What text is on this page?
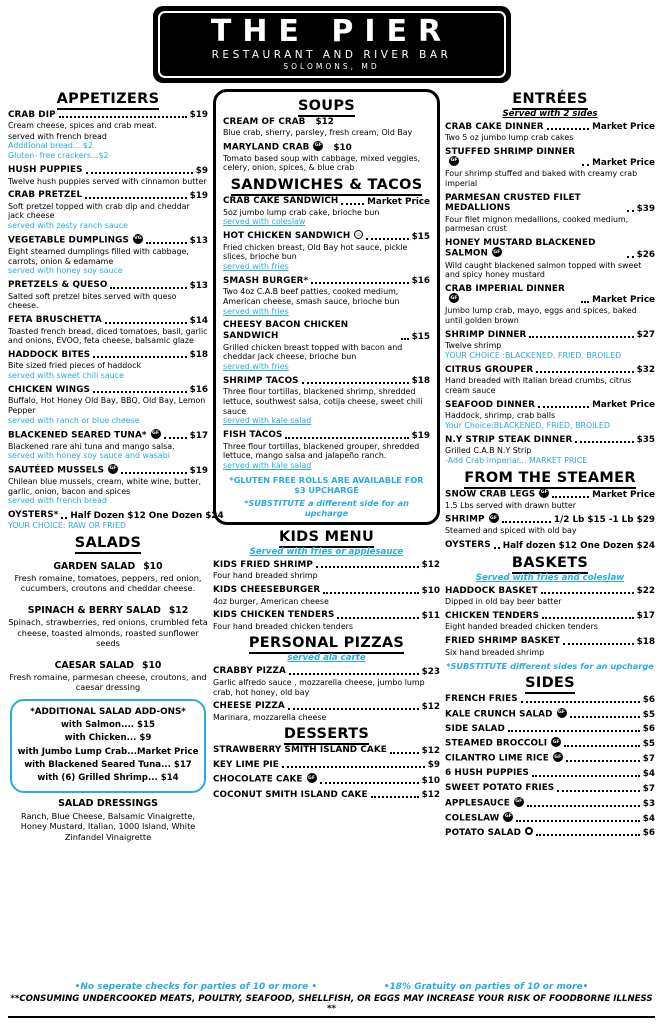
THE PIER
RESTAURANT AND RIVER BAR
SOLOMONS, MD
APPETIZERS
CRAB DIP	$19
Cream cheese, spices and crab meat.
served with french bread
Additional bread... $2
Gluten- free crackers...$2
HUSH PUPPIES	$9
Twelve hush puppies served with cinnamon butter
CRAB PRETZEL	$19
Soft pretzel topped with crab dip and cheddar jack cheese
served with zesty ranch sauce
VEGETABLE DUMPLINGS VG	$13
Eight steamed dumplings filled with cabbage, carrots, onion & edamame
served with honey soy sauce
PRETZELS & QUESO	$13
Salted soft pretzel bites served with queso cheese.
FETA BRUSCHETTA	$14
Toasted french bread, diced tomatoes, basil, garlic and onions, EVOO, feta cheese, balsamic glaze
HADDOCK BITES	$18
Bite sized fried pieces of haddock
served with sweet chili sauce
CHICKEN WINGS	$16
Buffalo, Hot Honey Old Bay, BBQ, Old Bay, Lemon Pepper
served with ranch or blue cheese
BLACKENED SEARED TUNA* GF	$17
Blackened rare ahi tuna and mango salsa.
served with honey soy sauce and wasabi
SAUTÉED MUSSELS GF	$19
Chilean blue mussels, cream, white wine, butter, garlic, onion, bacon and spices
served with french bread
OYSTERS* Half Dozen $12 One Dozen $24
YOUR CHOICE: RAW OR FRIED
SALADS
GARDEN SALAD $10
Fresh romaine, tomatoes, peppers, red onion, cucumbers, croutons and cheddar cheese.
SPINACH & BERRY SALAD $12
Spinach, strawberries, red onions, crumbled feta cheese, toasted almonds, roasted sunflower seeds
CAESAR SALAD $10
Fresh romaine, parmesan cheese, croutons, and caesar dressing
*ADDITIONAL SALAD ADD-ONS*
with Salmon.... $15
with Chicken... $9
with Jumbo Lump Crab...Market Price
with Blackened Seared Tuna... $17
with (6) Grilled Shrimp... $14
SALAD DRESSINGS
Ranch, Blue Cheese, Balsamic Vinaigrette, Honey Mustard, Italian, 1000 Island, White Zinfandel Vinaigrette
SOUPS
CREAM OF CRAB $12
Blue crab, sherry, parsley, fresh cream, Old Bay
MARYLAND CRAB GF $10
Tomato based soup with cabbage, mixed veggies, celery, onion, spices, & blue crab
SANDWICHES & TACOS
CRAB CAKE SANDWICH	Market Price
5oz jumbo lump crab cake, brioche bun
served with coleslaw
HOT CHICKEN SANDWICH ♨	$15
Fried chicken breast, Old Bay hot sauce, pickle slices, brioche bun
served with fries
SMASH BURGER*	$16
Two 4oz C.A.B beef patties, cooked medium, American cheese, smash sauce, brioche bun
served with fries
CHEESY BACON CHICKEN SANDWICH	$15
Grilled chicken breast topped with bacon and cheddar jack cheese, brioche bun
served with fries
SHRIMP TACOS	$18
Three flour tortillas, blackened shrimp, shredded lettuce, southwest salsa, cotija cheese, sweet chili sauce
served with kale salad
FISH TACOS	$19
Three flour tortillas, blackened grouper, shredded lettuce, mango salsa and jalapeño ranch.
served with kale salad
*GLUTEN FREE ROLLS ARE AVAILABLE FOR $3 UPCHARGE
*SUBSTITUTE a different side for an upcharge
KIDS MENU
Served with fries or applesauce
KIDS FRIED SHRIMP	$12
Four hand breaded shrimp
KIDS CHEESEBURGER	$10
4oz burger, American cheese
KIDS CHICKEN TENDERS	$11
Four hand breaded chicken tenders
PERSONAL PIZZAS
served ala carte
CRABBY PIZZA	$23
Garlic alfredo sauce , mozzarella cheese, jumbo lump crab, hot honey, old bay
CHEESE PIZZA	$12
Marinara, mozzarella cheese
DESSERTS
STRAWBERRY SMITH ISLAND CAKE	$12
KEY LIME PIE	$9
CHOCOLATE CAKE GF	$10
COCONUT SMITH ISLAND CAKE	$12
ENTRÉES
Served with 2 sides
CRAB CAKE DINNER	Market Price
Two 5 oz jumbo lump crab cakes
STUFFED SHRIMP DINNERGF	Market Price
Four shrimp stuffed and baked with creamy crab imperial
PARMESAN CRUSTED FILET MEDALLIONS	$39
Four filet mignon medallions, cooked medium, parmesan crust
HONEY MUSTARD BLACKENED SALMON GF	$26
Wild caught blackened salmon topped with sweet and spicy honey mustard
CRAB IMPERIAL DINNERGF	Market Price
Jumbo lump crab, mayo, eggs and spices, baked until golden brown
SHRIMP DINNER	$27
Twelve shrimp
YOUR CHOICE :BLACKENED, FRIED, BROILED
CITRUS GROUPER	$32
Hand breaded with Italian bread crumbs, citrus cream sauce
SEAFOOD DINNER	Market Price
Haddock, shrimp, crab balls
Your Choice:BLACKENED, FRIED, BROILED
N.Y STRIP STEAK DINNER	$35
Grilled C.A.B N.Y Strip
-Add Crab Imperial... MARKET PRICE
FROM THE STEAMER
SNOW CRAB LEGS GF	Market Price
1.5 Lbs served with drawn butter
SHRIMP GF	1/2 Lb $15 -1 Lb $29
Steamed and spiced with old bay
OYSTERS Half dozen $12 One Dozen $24
BASKETS
Served with fries and coleslaw
HADDOCK BASKET	$22
Dipped in old bay beer batter
CHICKEN TENDERS	$17
Eight handed breaded chicken tenders
FRIED SHRIMP BASKET	$18
Six hand breaded shrimp
*SUBSTITUTE different sides for an upcharge
SIDES
FRENCH FRIES	$6
KALE CRUNCH SALAD GF	$5
SIDE SALAD	$6
STEAMED BROCCOLI GF	$5
CILANTRO LIME RICE GF	$7
6 HUSH PUPPIES	$4
SWEET POTATO FRIES	$7
APPLESAUCE GF	$3
COLESLAW GF	$4
POTATO SALAD	$6
•No seperate checks for parties of 10 or more •	•18% Gratuity on parties of 10 or more•
**CONSUMING UNDERCOOKED MEATS, POULTRY, SEAFOOD, SHELLFISH, OR EGGS MAY INCREASE YOUR RISK OF FOODBORNE ILLNESS **
